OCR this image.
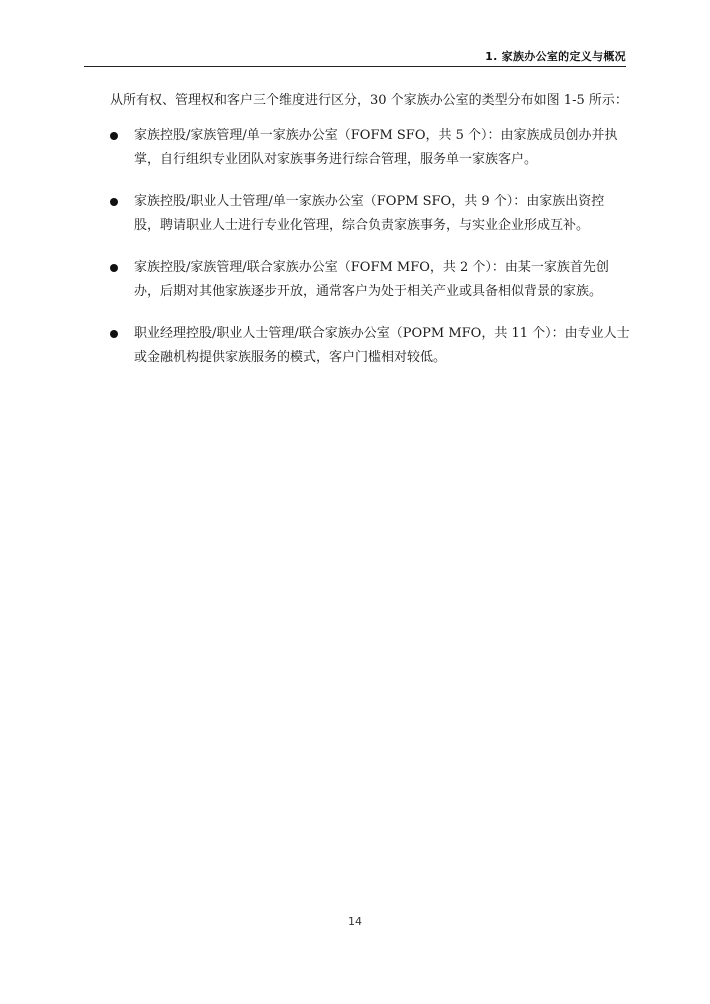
1. 家族办公室的定义与概况

从所有权、管理权和客户三个维度进行区分，30 个家族办公室的类型分布如图 1-5 所示：

家族控股/家族管理/单一家族办公室（FOFM SFO，共 5 个）：由家族成员创办并执掌，自行组织专业团队对家族事务进行综合管理，服务单一家族客户。
家族控股/职业人士管理/单一家族办公室（FOPM SFO，共 9 个）：由家族出资控股，聘请职业人士进行专业化管理，综合负责家族事务，与实业企业形成互补。
家族控股/家族管理/联合家族办公室（FOFM MFO，共 2 个）：由某一家族首先创办，后期对其他家族逐步开放，通常客户为处于相关产业或具备相似背景的家族。
职业经理控股/职业人士管理/联合家族办公室（POPM MFO，共 11 个）：由专业人士或金融机构提供家族服务的模式，客户门槛相对较低。
14
